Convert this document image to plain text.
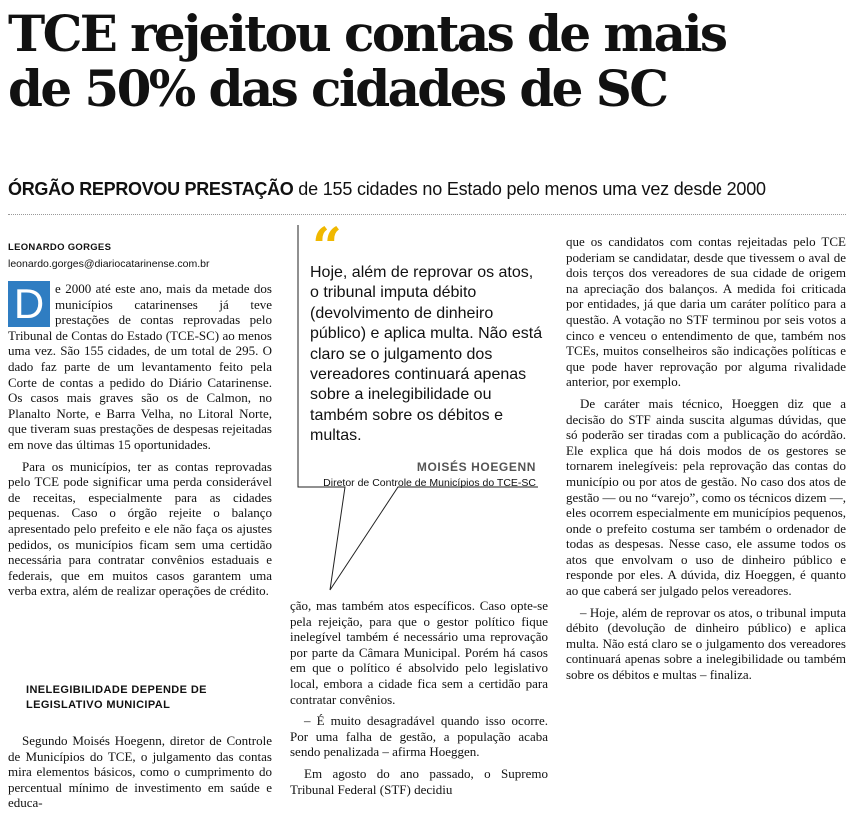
TCE rejeitou contas de mais
de 50% das cidades de SC
ÓRGÃO REPROVOU PRESTAÇÃO de 155 cidades no Estado pelo menos uma vez desde 2000
LEONARDO GORGES
leonardo.gorges@diariocatarinense.com.br

D e 2000 até este ano, mais da metade dos municípios catarinenses já teve prestações de contas reprovadas pelo Tribunal de Contas do Estado (TCE-SC) ao menos uma vez. São 155 cidades, de um total de 295. O dado faz parte de um levantamento feito pela Corte de contas a pedido do Diário Catarinense. Os casos mais graves são os de Calmon, no Planalto Norte, e Barra Velha, no Litoral Norte, que tiveram suas prestações de despesas rejeitadas em nove das últimas 15 oportunidades.

Para os municípios, ter as contas reprovadas pelo TCE pode significar uma perda considerável de receitas, especialmente para as cidades pequenas. Caso o órgão rejeite o balanço apresentado pelo prefeito e ele não faça os ajustes pedidos, os municípios ficam sem uma certidão necessária para contratar convênios estaduais e federais, que em muitos casos garantem uma verba extra, além de realizar operações de crédito.

INELEGIBILIDADE DEPENDE DE LEGISLATIVO MUNICIPAL

Segundo Moisés Hoegenn, diretor de Controle de Municípios do TCE, o julgamento das contas mira elementos básicos, como o cumprimento do percentual mínimo de investimento em saúde e educa-

“
Hoje, além de reprovar os atos, o tribunal imputa débito (devolvimento de dinheiro público) e aplica multa. Não está claro se o julgamento dos vereadores continuará apenas sobre a inelegibilidade ou também sobre os débitos e multas.
MOISÉS HOEGENN
Diretor de Controle de Municípios do TCE-SC

ção, mas também atos específicos. Caso opte-se pela rejeição, para que o gestor político fique inelegível também é necessário uma reprovação por parte da Câmara Municipal. Porém há casos em que o político é absolvido pelo legislativo local, embora a cidade fica sem a certidão para contratar convênios.

– É muito desagradável quando isso ocorre. Por uma falha de gestão, a população acaba sendo penalizada – afirma Hoeggen.

Em agosto do ano passado, o Supremo Tribunal Federal (STF) decidiu

que os candidatos com contas rejeitadas pelo TCE poderiam se candidatar, desde que tivessem o aval de dois terços dos vereadores de sua cidade de origem na apreciação dos balanços. A medida foi criticada por entidades, já que daria um caráter político para a questão. A votação no STF terminou por seis votos a cinco e venceu o entendimento de que, também nos TCEs, muitos conselheiros são indicações políticas e que pode haver reprovação por alguma rivalidade anterior, por exemplo.

De caráter mais técnico, Hoeggen diz que a decisão do STF ainda suscita algumas dúvidas, que só poderão ser tiradas com a publicação do acórdão. Ele explica que há dois modos de os gestores se tornarem inelegíveis: pela reprovação das contas do município ou por atos de gestão. No caso dos atos de gestão — ou no “varejo”, como os técnicos dizem —, eles ocorrem especialmente em municípios pequenos, onde o prefeito costuma ser também o ordenador de todas as despesas. Nesse caso, ele assume todos os atos que envolvam o uso de dinheiro público e responde por eles. A dúvida, diz Hoeggen, é quanto ao que caberá ser julgado pelos vereadores.

– Hoje, além de reprovar os atos, o tribunal imputa débito (devolução de dinheiro público) e aplica multa. Não está claro se o julgamento dos vereadores continuará apenas sobre a inelegibilidade ou também sobre os débitos e multas – finaliza.
